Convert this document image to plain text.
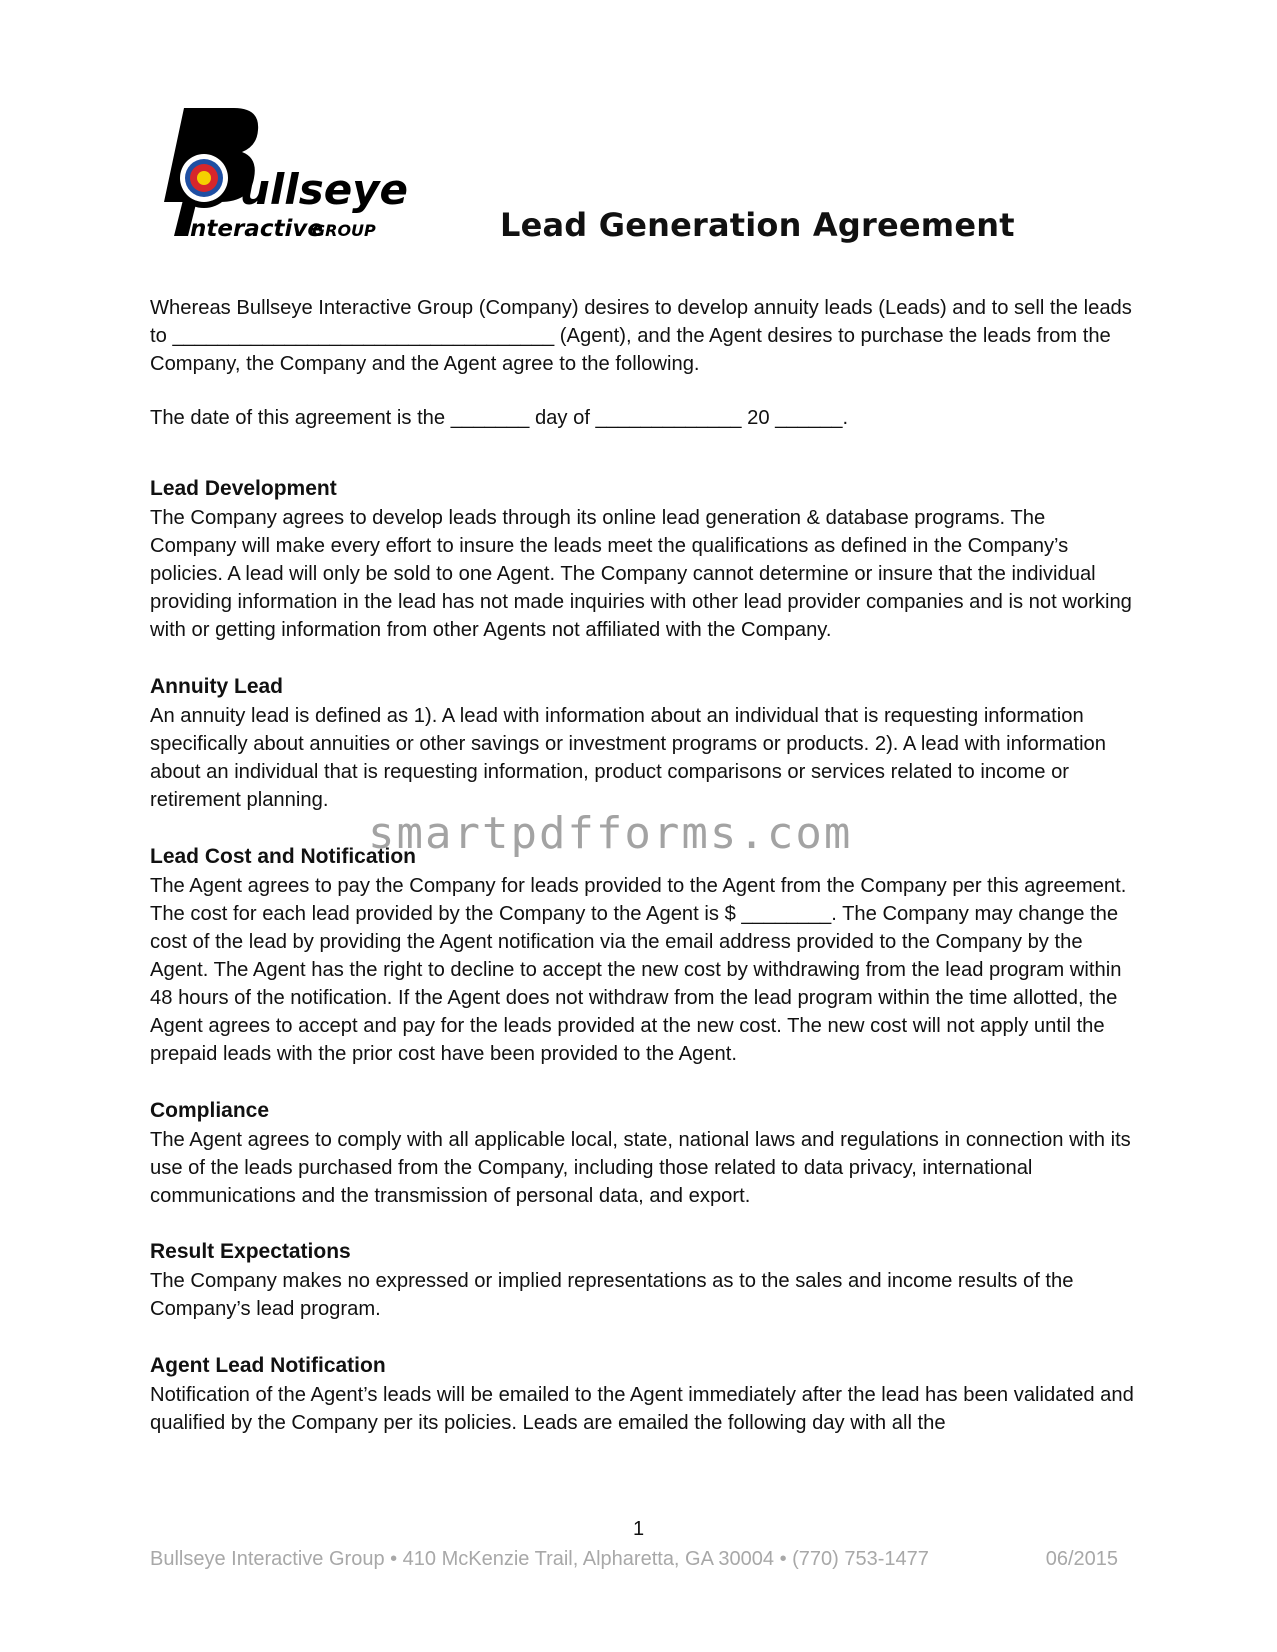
ullseye
nteractive
GROUP	Lead Generation Agreement

Whereas Bullseye Interactive Group (Company) desires to develop annuity leads (Leads) and to sell the leads to __________________________________ (Agent), and the Agent desires to purchase the leads from the Company, the Company and the Agent agree to the following.

The date of this agreement is the _______ day of _____________ 20 ______.

Lead Development

The Company agrees to develop leads through its online lead generation & database programs. The Company will make every effort to insure the leads meet the qualifications as defined in the Company’s policies. A lead will only be sold to one Agent. The Company cannot determine or insure that the individual providing information in the lead has not made inquiries with other lead provider companies and is not working with or getting information from other Agents not affiliated with the Company.

Annuity Lead

An annuity lead is defined as 1). A lead with information about an individual that is requesting information specifically about annuities or other savings or investment programs or products. 2). A lead with information about an individual that is requesting information, product comparisons or services related to income or retirement planning.

Lead Cost and Notification

The Agent agrees to pay the Company for leads provided to the Agent from the Company per this agreement. The cost for each lead provided by the Company to the Agent is $ ________. The Company may change the cost of the lead by providing the Agent notification via the email address provided to the Company by the Agent. The Agent has the right to decline to accept the new cost by withdrawing from the lead program within 48 hours of the notification. If the Agent does not withdraw from the lead program within the time allotted, the Agent agrees to accept and pay for the leads provided at the new cost. The new cost will not apply until the prepaid leads with the prior cost have been provided to the Agent.

Compliance

The Agent agrees to comply with all applicable local, state, national laws and regulations in connection with its use of the leads purchased from the Company, including those related to data privacy, international communications and the transmission of personal data, and export.

Result Expectations

The Company makes no expressed or implied representations as to the sales and income results of the Company’s lead program.

Agent Lead Notification

Notification of the Agent’s leads will be emailed to the Agent immediately after the lead has been validated and qualified by the Company per its policies. Leads are emailed the following day with all the

smartpdfforms.com
1
Bullseye Interactive Group • 410 McKenzie Trail, Alpharetta, GA 30004 • (770) 753-1477	06/2015
